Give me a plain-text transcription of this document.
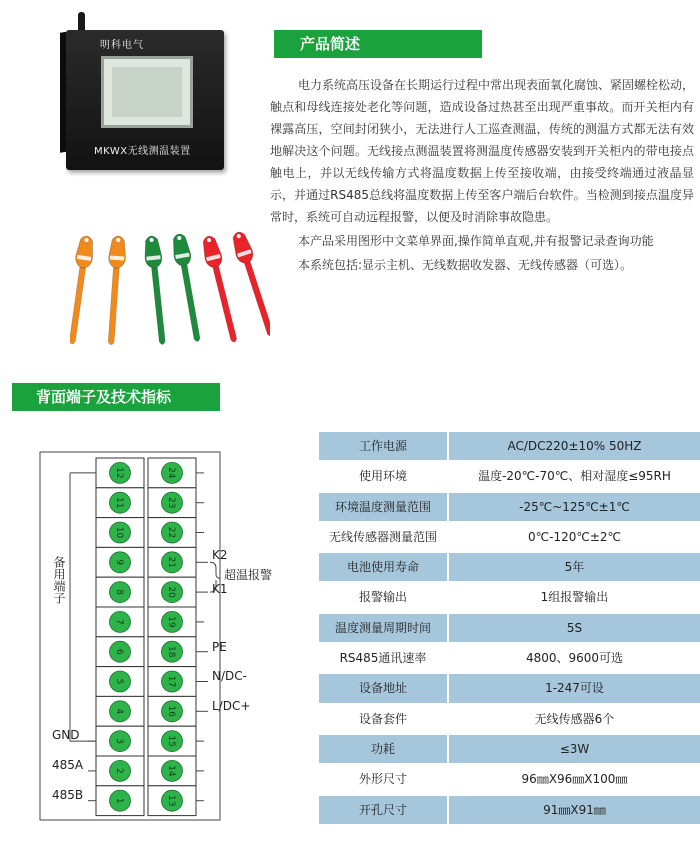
明科电气
MKWX无线测温装置
产品简述
背面端子及技术指标

电力系统高压设备在长期运行过程中常出现表面氧化腐蚀、紧固螺栓松动，触点和母线连接处老化等问题，造成设备过热甚至出现严重事故。而开关柜内有裸露高压，空间封闭狭小，无法进行人工巡查测温，传统的测温方式都无法有效地解决这个问题。无线接点测温装置将测温度传感器安装到开关柜内的带电接点触电上，并以无线传输方式将温度数据上传至接收端，由接受终端通过液晶显示，并通过RS485总线将温度数据上传至客户端后台软件。当检测到接点温度异常时，系统可自动远程报警，以便及时消除事故隐患。

本产品采用图形中文菜单界面,操作简单直观,并有报警记录查询功能

本系统包括:显示主机、无线数据收发器、无线传感器（可选）。

12	24
11	23
10	22
9	21
8	20
7	19
6	18
5	17
4	16
3	15
2	14
1	13
K2
超温报警
K1
PE
N/DC-
L/DC+
GND
485A
485B
备用端子
工作电源	AC/DC220±10% 50HZ
使用环境	温度-20℃-70℃、相对湿度≤95RH
环境温度测量范围	-25℃~125℃±1℃
无线传感器测量范围	0℃-120℃±2℃
电池使用寿命	5年
报警输出	1组报警输出
温度测量周期时间	5S
RS485通讯速率	4800、9600可选
设备地址	1-247可设
设备套件	无线传感器6个
功耗	≤3W
外形尺寸	96㎜X96㎜X100㎜
开孔尺寸	91㎜X91㎜
